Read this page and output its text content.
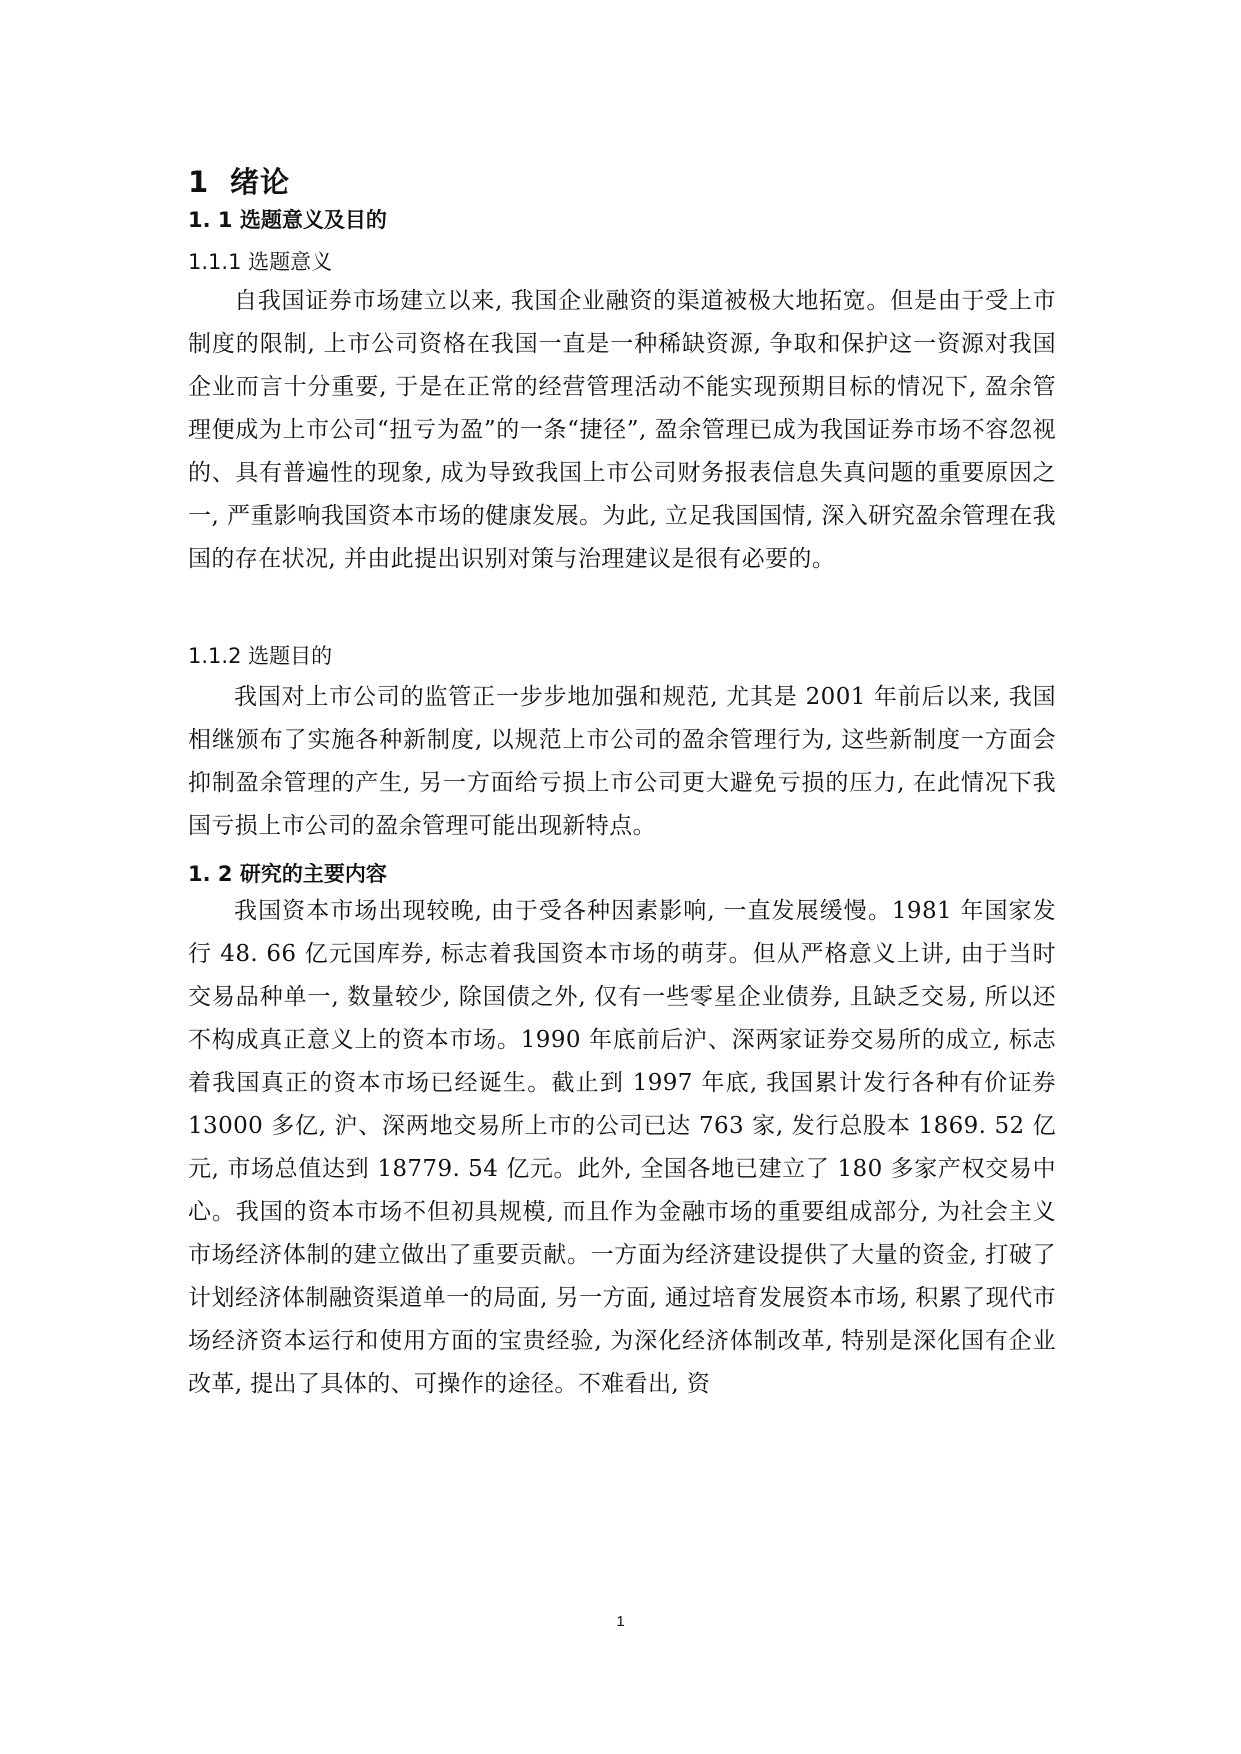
1 绪论
1. 1 选题意义及目的
1.1.1 选题意义

自我国证券市场建立以来, 我国企业融资的渠道被极大地拓宽。但是由于受上市制度的限制, 上市公司资格在我国一直是一种稀缺资源, 争取和保护这一资源对我国企业而言十分重要, 于是在正常的经营管理活动不能实现预期目标的情况下, 盈余管理便成为上市公司“扭亏为盈”的一条“捷径”, 盈余管理已成为我国证券市场不容忽视的、具有普遍性的现象, 成为导致我国上市公司财务报表信息失真问题的重要原因之一, 严重影响我国资本市场的健康发展。为此, 立足我国国情, 深入研究盈余管理在我国的存在状况, 并由此提出识别对策与治理建议是很有必要的。

1.1.2 选题目的

我国对上市公司的监管正一步步地加强和规范, 尤其是 2001 年前后以来, 我国相继颁布了实施各种新制度, 以规范上市公司的盈余管理行为, 这些新制度一方面会抑制盈余管理的产生, 另一方面给亏损上市公司更大避免亏损的压力, 在此情况下我国亏损上市公司的盈余管理可能出现新特点。

1. 2 研究的主要内容

我国资本市场出现较晚, 由于受各种因素影响, 一直发展缓慢。1981 年国家发行 48. 66 亿元国库券, 标志着我国资本市场的萌芽。但从严格意义上讲, 由于当时交易品种单一, 数量较少, 除国债之外, 仅有一些零星企业债券, 且缺乏交易, 所以还不构成真正意义上的资本市场。1990 年底前后沪、深两家证券交易所的成立, 标志着我国真正的资本市场已经诞生。截止到 1997 年底, 我国累计发行各种有价证券 13000 多亿, 沪、深两地交易所上市的公司已达 763 家, 发行总股本 1869. 52 亿元, 市场总值达到 18779. 54 亿元。此外, 全国各地已建立了 180 多家产权交易中心。我国的资本市场不但初具规模, 而且作为金融市场的重要组成部分, 为社会主义市场经济体制的建立做出了重要贡献。一方面为经济建设提供了大量的资金, 打破了计划经济体制融资渠道单一的局面, 另一方面, 通过培育发展资本市场, 积累了现代市场经济资本运行和使用方面的宝贵经验, 为深化经济体制改革, 特别是深化国有企业改革, 提出了具体的、可操作的途径。不难看出, 资

1
